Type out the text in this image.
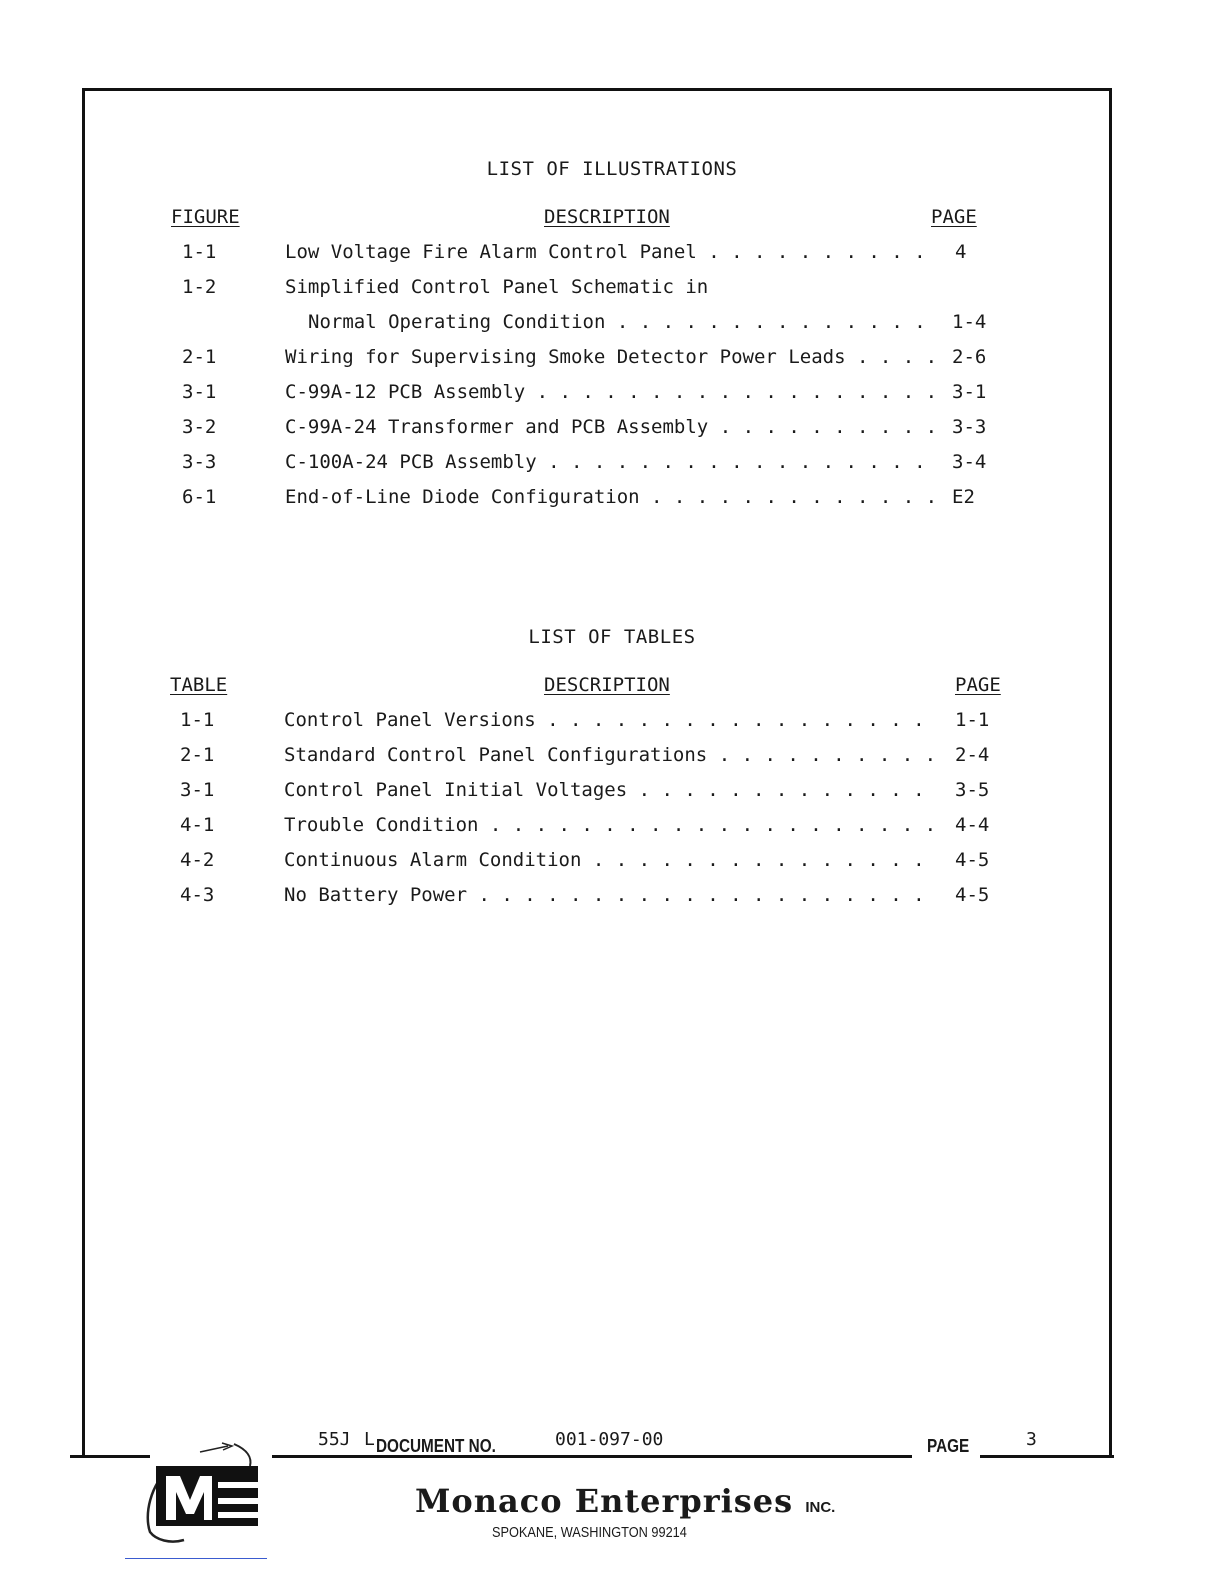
LIST OF ILLUSTRATIONS
FIGURE	DESCRIPTION	PAGE
1-1	Low Voltage Fire Alarm Control Panel . . .	4
1-2	Simplified Control Panel Schematic in
Normal Operating Condition . . .	1-4
2-1	Wiring for Supervising Smoke Detector Power Leads . . .	2-6
3-1	C-99A-12 PCB Assembly . . .	3-1
3-2	C-99A-24 Transformer and PCB Assembly . . .	3-3
3-3	C-100A-24 PCB Assembly . . .	3-4
6-1	End-of-Line Diode Configuration . . .	E2
LIST OF TABLES
TABLE	DESCRIPTION	PAGE
1-1	Control Panel Versions . . .	1-1
2-1	Standard Control Panel Configurations . . .	2-4
3-1	Control Panel Initial Voltages . . .	3-5
4-1	Trouble Condition . . .	4-4
4-2	Continuous Alarm Condition . . .	4-5
4-3	No Battery Power . . .	4-5
55J L DOCUMENT NO.	001-097-00	PAGE	3
Monaco Enterprises INC.
SPOKANE, WASHINGTON 99214
